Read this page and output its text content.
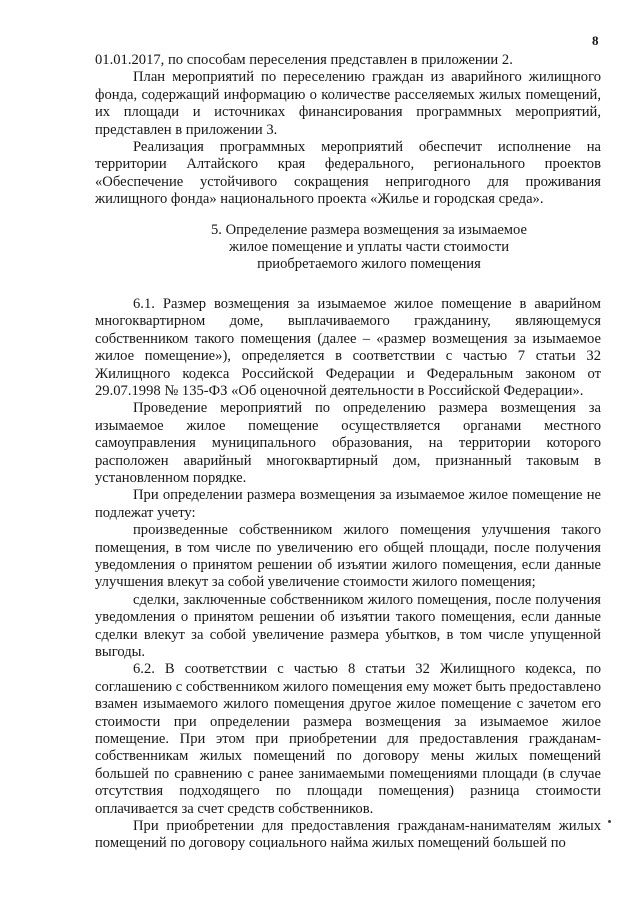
8

01.01.2017, по способам переселения представлен в приложении 2.

План мероприятий по переселению граждан из аварийного жилищного фонда, содержащий информацию о количестве расселяемых жилых помещений, их площади и источниках финансирования программных мероприятий, представлен в приложении 3.

Реализация программных мероприятий обеспечит исполнение на территории Алтайского края федерального, регионального проектов «Обеспечение устойчивого сокращения непригодного для проживания жилищного фонда» национального проекта «Жилье и городская среда».

5. Определение размера возмещения за изымаемое
жилое помещение и уплаты части стоимости
приобретаемого жилого помещения

6.1. Размер возмещения за изымаемое жилое помещение в аварийном многоквартирном доме, выплачиваемого гражданину, являющемуся собственником такого помещения (далее – «размер возмещения за изымаемое жилое помещение»), определяется в соответствии с частью 7 статьи 32 Жилищного кодекса Российской Федерации и Федеральным законом от 29.07.1998 № 135-ФЗ «Об оценочной деятельности в Российской Федерации».

Проведение мероприятий по определению размера возмещения за изымаемое жилое помещение осуществляется органами местного самоуправления муниципального образования, на территории которого расположен аварийный многоквартирный дом, признанный таковым в установленном порядке.

При определении размера возмещения за изымаемое жилое помещение не подлежат учету:

произведенные собственником жилого помещения улучшения такого помещения, в том числе по увеличению его общей площади, после получения уведомления о принятом решении об изъятии жилого помещения, если данные улучшения влекут за собой увеличение стоимости жилого помещения;

сделки, заключенные собственником жилого помещения, после получения уведомления о принятом решении об изъятии такого помещения, если данные сделки влекут за собой увеличение размера убытков, в том числе упущенной выгоды.

6.2. В соответствии с частью 8 статьи 32 Жилищного кодекса, по соглашению с собственником жилого помещения ему может быть предоставлено взамен изымаемого жилого помещения другое жилое помещение с зачетом его стоимости при определении размера возмещения за изымаемое жилое помещение. При этом при приобретении для предоставления гражданам-собственникам жилых помещений по договору мены жилых помещений большей по сравнению с ранее занимаемыми помещениями площади (в случае отсутствия подходящего по площади помещения) разница стоимости оплачивается за счет средств собственников.

При приобретении для предоставления гражданам-нанимателям жилых помещений по договору социального найма жилых помещений большей по
